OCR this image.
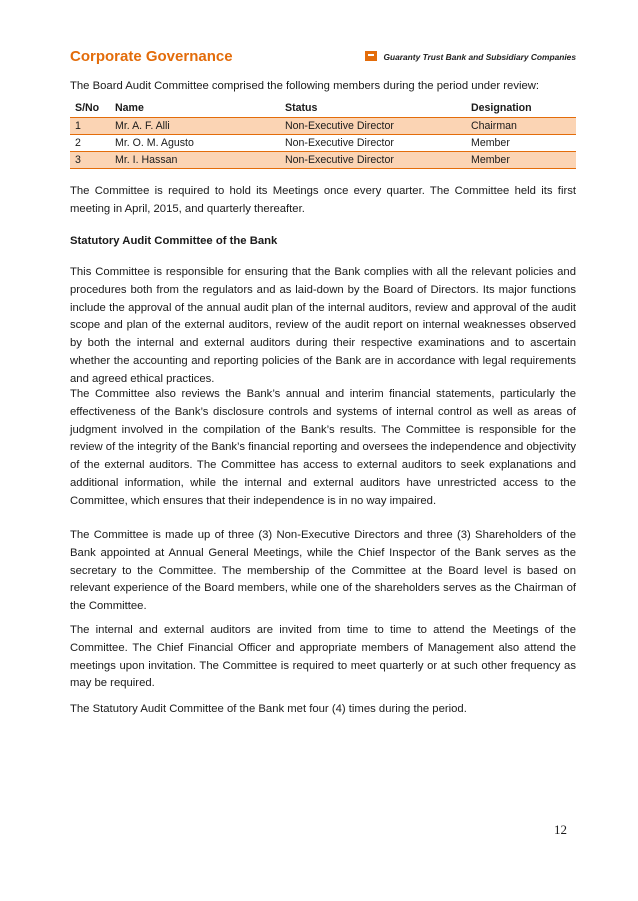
Corporate Governance	Guaranty Trust Bank and Subsidiary Companies
The Board Audit Committee comprised the following members during the period under review:
S/No	Name	Status	Designation
1	Mr. A. F. Alli	Non-Executive Director	Chairman
2	Mr. O. M. Agusto	Non-Executive Director	Member
3	Mr. I. Hassan	Non-Executive Director	Member

The Committee is required to hold its Meetings once every quarter. The Committee held its first meeting in April, 2015, and quarterly thereafter.

Statutory Audit Committee of the Bank

This Committee is responsible for ensuring that the Bank complies with all the relevant policies and procedures both from the regulators and as laid-down by the Board of Directors. Its major functions include the approval of the annual audit plan of the internal auditors, review and approval of the audit scope and plan of the external auditors, review of the audit report on internal weaknesses observed by both the internal and external auditors during their respective examinations and to ascertain whether the accounting and reporting policies of the Bank are in accordance with legal requirements and agreed ethical practices.

The Committee also reviews the Bank’s annual and interim financial statements, particularly the effectiveness of the Bank’s disclosure controls and systems of internal control as well as areas of judgment involved in the compilation of the Bank’s results. The Committee is responsible for the review of the integrity of the Bank’s financial reporting and oversees the independence and objectivity of the external auditors. The Committee has access to external auditors to seek explanations and additional information, while the internal and external auditors have unrestricted access to the Committee, which ensures that their independence is in no way impaired.

The Committee is made up of three (3) Non-Executive Directors and three (3) Shareholders of the Bank appointed at Annual General Meetings, while the Chief Inspector of the Bank serves as the secretary to the Committee. The membership of the Committee at the Board level is based on relevant experience of the Board members, while one of the shareholders serves as the Chairman of the Committee.

The internal and external auditors are invited from time to time to attend the Meetings of the Committee. The Chief Financial Officer and appropriate members of Management also attend the meetings upon invitation. The Committee is required to meet quarterly or at such other frequency as may be required.

The Statutory Audit Committee of the Bank met four (4) times during the period.

12
